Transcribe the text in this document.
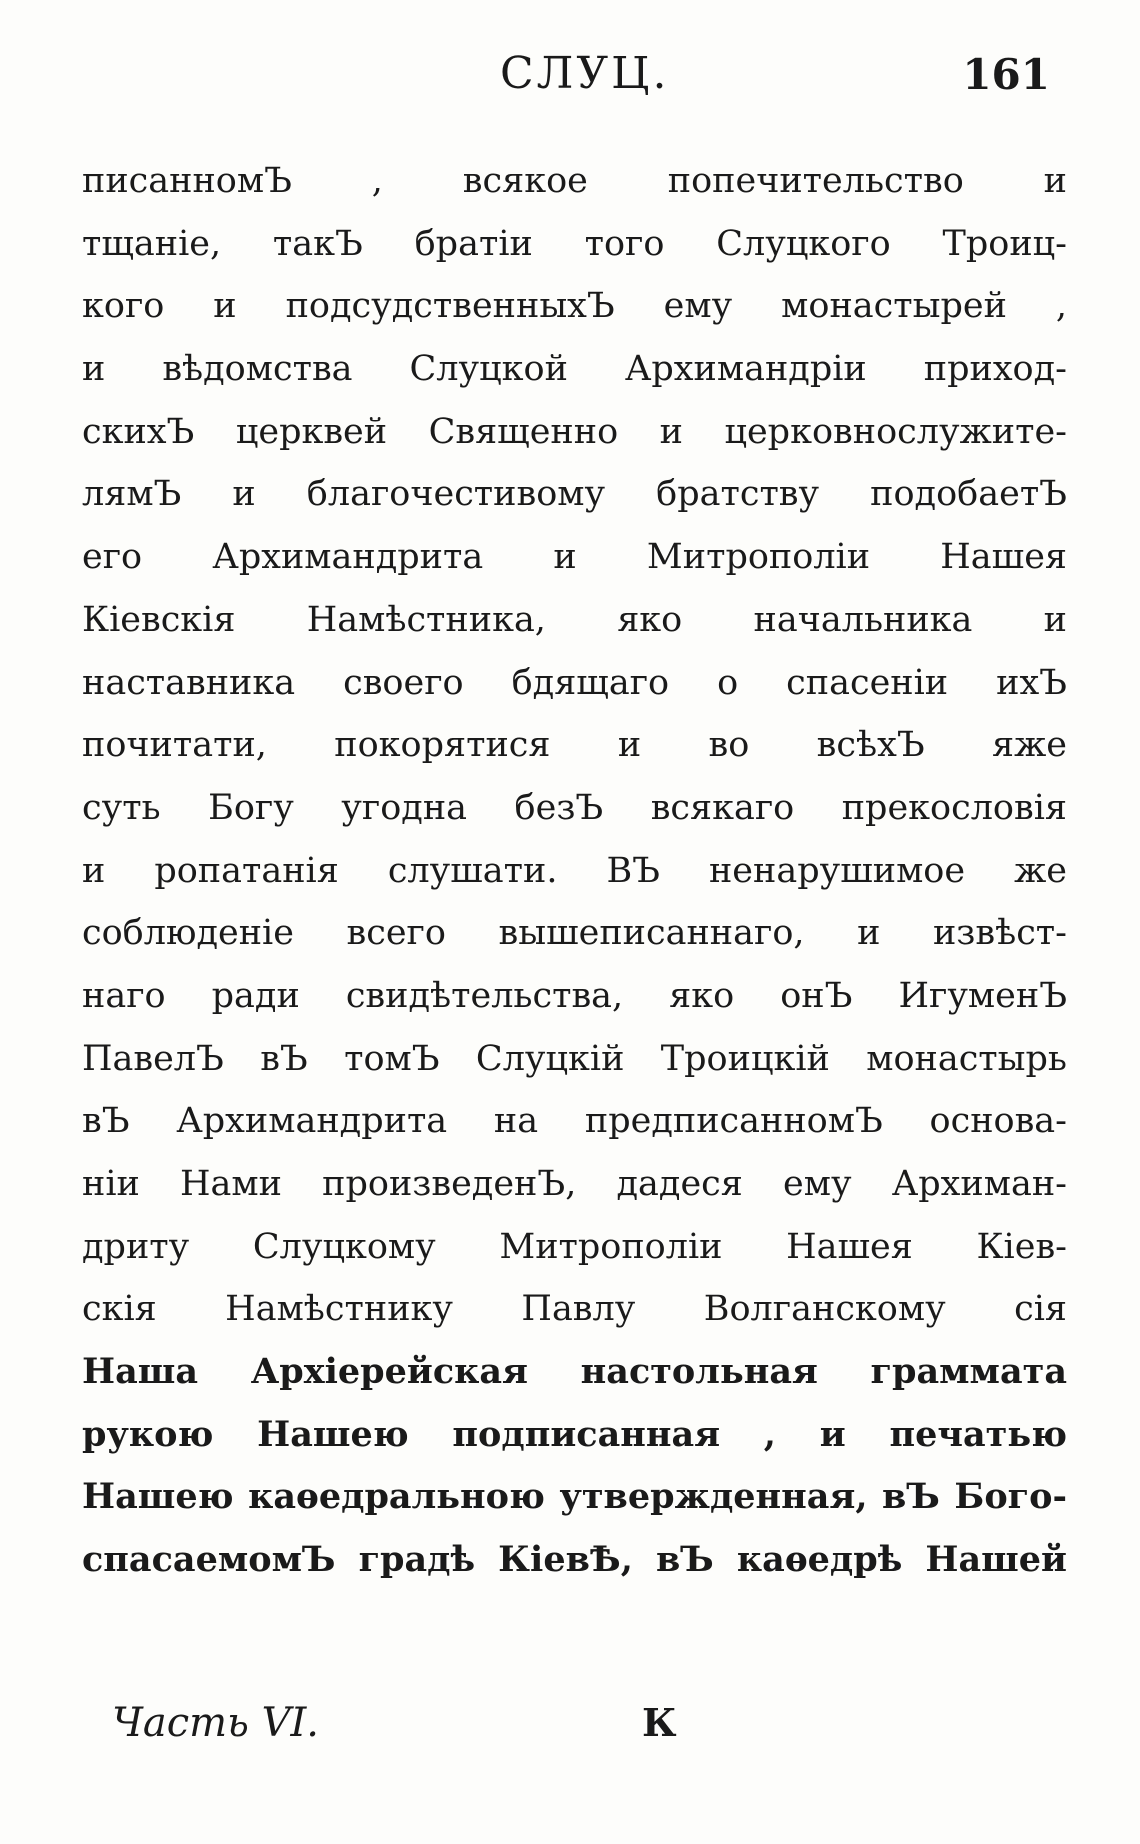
СЛУЦ.	161
писанномЪ , всякое попечительство и
тщаніе, такЪ братіи того Слуцкого Троиц-
кого и подсудственныхЪ ему монастырей ,
и вѣдомства Слуцкой Архимандріи приход-
скихЪ церквей Священно и церковнослужите-
лямЪ и благочестивому братству подобаетЪ
его Архимандрита и Митрополіи Нашея
Кіевскія Намѣстника, яко начальника и
наставника своего бдящаго о спасеніи ихЪ
почитати, покорятися и во всѣхЪ яже
суть Богу угодна безЪ всякаго прекословія
и ропатанія слушати. ВЪ ненарушимое же
соблюденіе всего вышеписаннаго, и извѣст-
наго ради свидѣтельства, яко онЪ ИгуменЪ
ПавелЪ вЪ томЪ Слуцкій Троицкій монастырь
вЪ Архимандрита на предписанномЪ основа-
ніи Нами произведенЪ, дадеся ему Архиман-
дриту Слуцкому Митрополіи Нашея Кіев-
скія Намѣстнику Павлу Волганскому сія
Наша Архіерейская настольная граммата
рукою Нашею подписанная , и печатью
Нашею каѳедральною утвержденная, вЪ Бого-
спасаемомЪ градѣ КіевѢ, вЪ каѳедрѣ Нашей
Часть VI.	К
